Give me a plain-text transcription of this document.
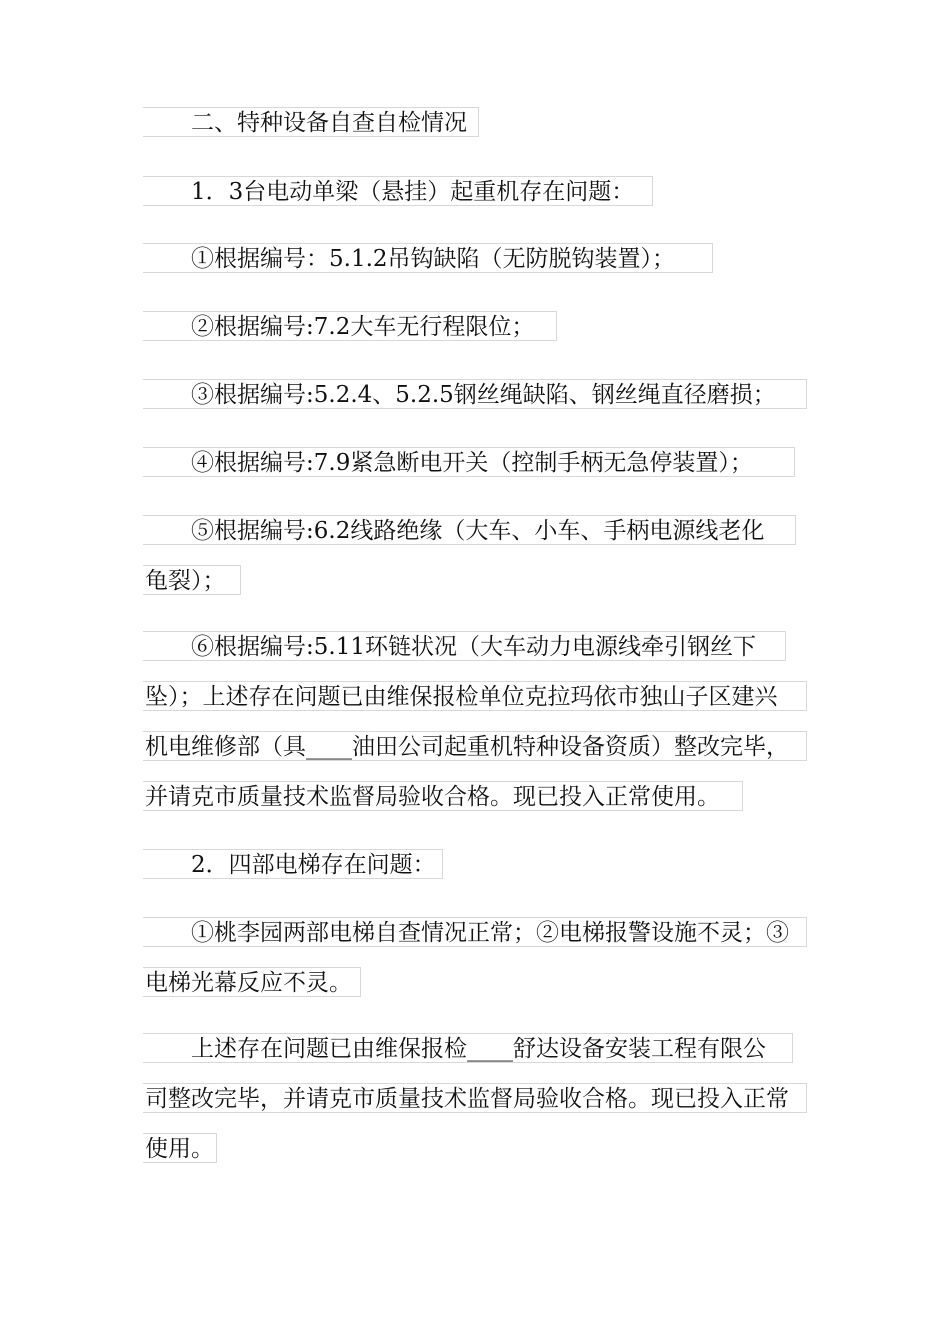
二、特种设备自查自检情况
1．3台电动单梁（悬挂）起重机存在问题：
①根据编号：5.1.2吊钩缺陷（无防脱钩装置）；
②根据编号:7.2大车无行程限位；
③根据编号:5.2.4、5.2.5钢丝绳缺陷、钢丝绳直径磨损；
④根据编号:7.9紧急断电开关（控制手柄无急停装置）；
⑤根据编号:6.2线路绝缘（大车、小车、手柄电源线老化
龟裂）；
⑥根据编号:5.11环链状况（大车动力电源线牵引钢丝下
坠）；上述存在问题已由维保报检单位克拉玛依市独山子区建兴
机电维修部（具____油田公司起重机特种设备资质）整改完毕，
并请克市质量技术监督局验收合格。现已投入正常使用。
2．四部电梯存在问题：
①桃李园两部电梯自查情况正常；②电梯报警设施不灵；③
电梯光幕反应不灵。
上述存在问题已由维保报检____舒达设备安装工程有限公
司整改完毕，并请克市质量技术监督局验收合格。现已投入正常
使用。
